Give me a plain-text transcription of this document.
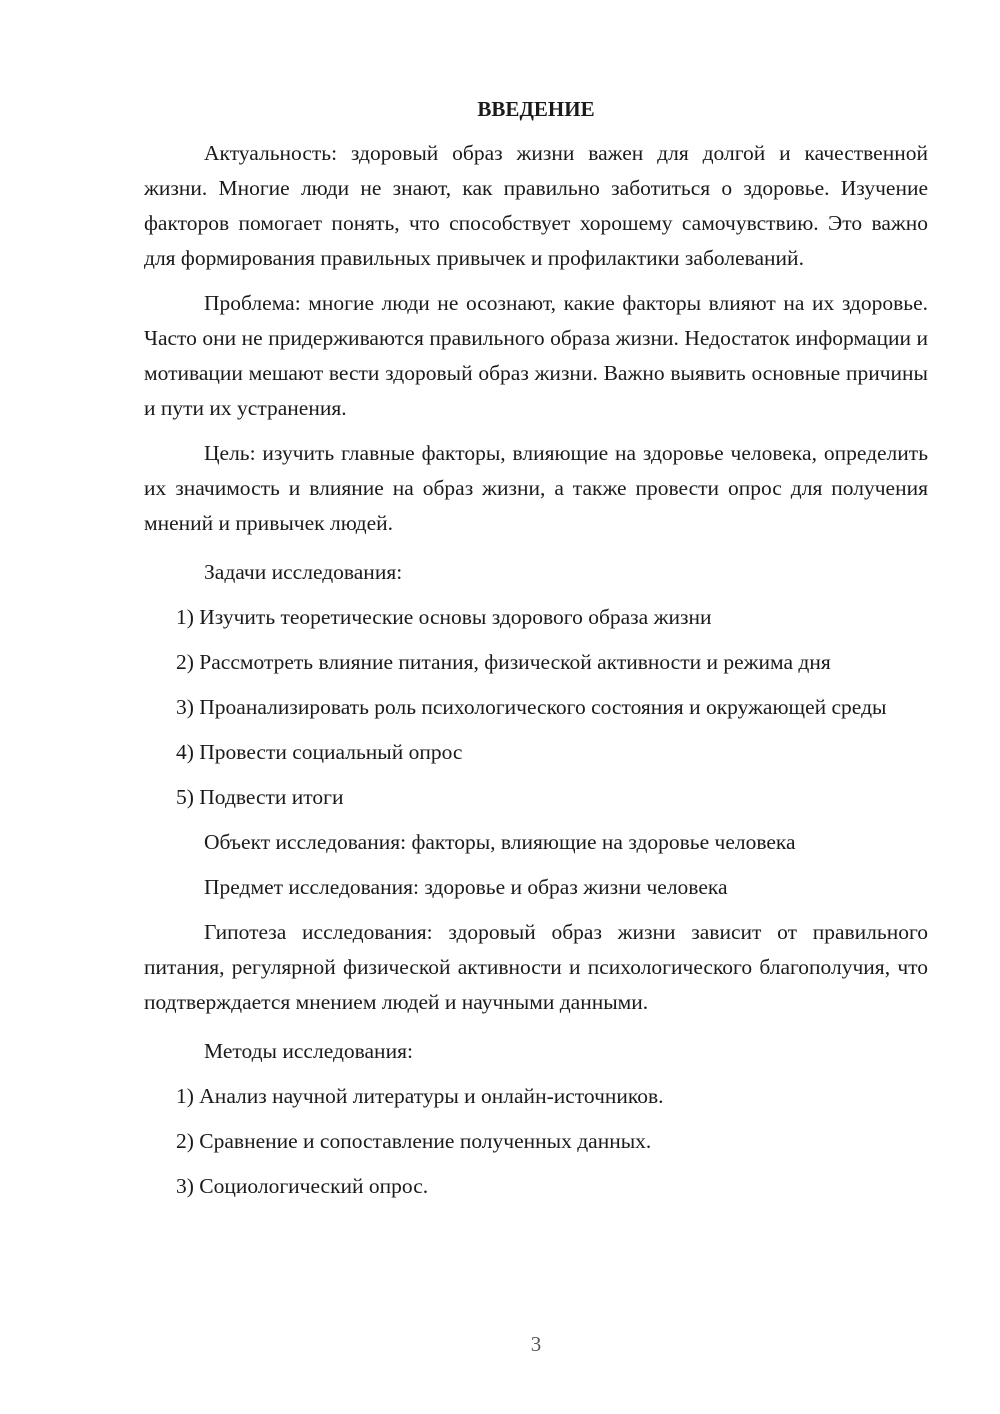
ВВЕДЕНИЕ

Актуальность: здоровый образ жизни важен для долгой и качественной жизни. Многие люди не знают, как правильно заботиться о здоровье. Изучение факторов помогает понять, что способствует хорошему самочувствию. Это важно для формирования правильных привычек и профилактики заболеваний.

Проблема: многие люди не осознают, какие факторы влияют на их здоровье. Часто они не придерживаются правильного образа жизни. Недостаток информации и мотивации мешают вести здоровый образ жизни. Важно выявить основные причины и пути их устранения.

Цель: изучить главные факторы, влияющие на здоровье человека, определить их значимость и влияние на образ жизни, а также провести опрос для получения мнений и привычек людей.

Задачи исследования:

1) Изучить теоретические основы здорового образа жизни

2) Рассмотреть влияние питания, физической активности и режима дня

3) Проанализировать роль психологического состояния и окружающей среды

4) Провести социальный опрос

5) Подвести итоги

Объект исследования: факторы, влияющие на здоровье человека

Предмет исследования: здоровье и образ жизни человека

Гипотеза исследования: здоровый образ жизни зависит от правильного питания, регулярной физической активности и психологического благополучия, что подтверждается мнением людей и научными данными.

Методы исследования:

1) Анализ научной литературы и онлайн-источников.

2) Сравнение и сопоставление полученных данных.

3) Социологический опрос.

3
